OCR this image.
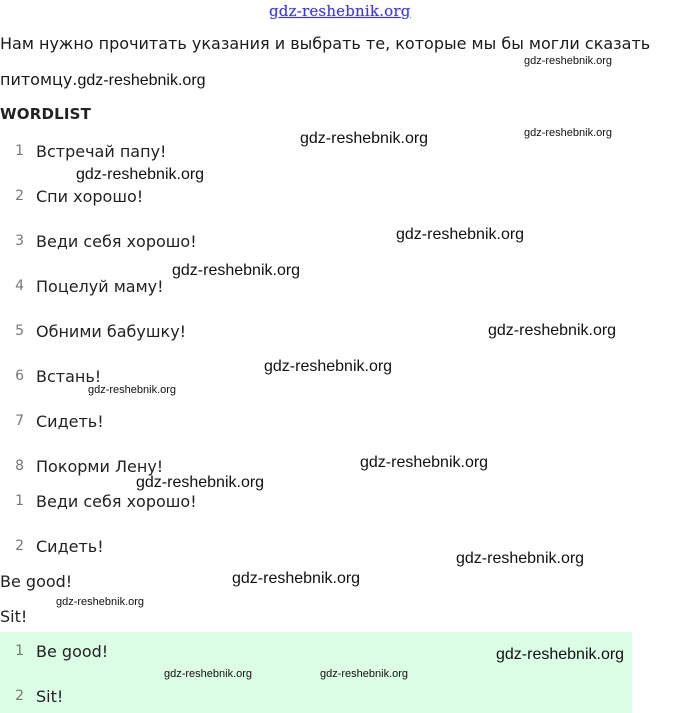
gdz-reshebnik.org
Нам нужно прочитать указания и выбрать те, которые мы бы могли сказать
питомцу.gdz-reshebnik.org
WORDLIST
1 Встречай папу!
2 Спи хорошо!
3 Веди себя хорошо!
4 Поцелуй маму!
5 Обними бабушку!
6 Встань!
7 Сидеть!
8 Покорми Лену!
1 Веди себя хорошо!
2 Сидеть!
Be good!
Sit!
1 Be good!
2 Sit!
gdz-reshebnik.org
gdz-reshebnik.org	gdz-reshebnik.org
gdz-reshebnik.org
gdz-reshebnik.org
gdz-reshebnik.org
gdz-reshebnik.org
gdz-reshebnik.org
gdz-reshebnik.org
gdz-reshebnik.org
gdz-reshebnik.org
gdz-reshebnik.org
gdz-reshebnik.org
gdz-reshebnik.org
gdz-reshebnik.org
gdz-reshebnik.org	gdz-reshebnik.org
